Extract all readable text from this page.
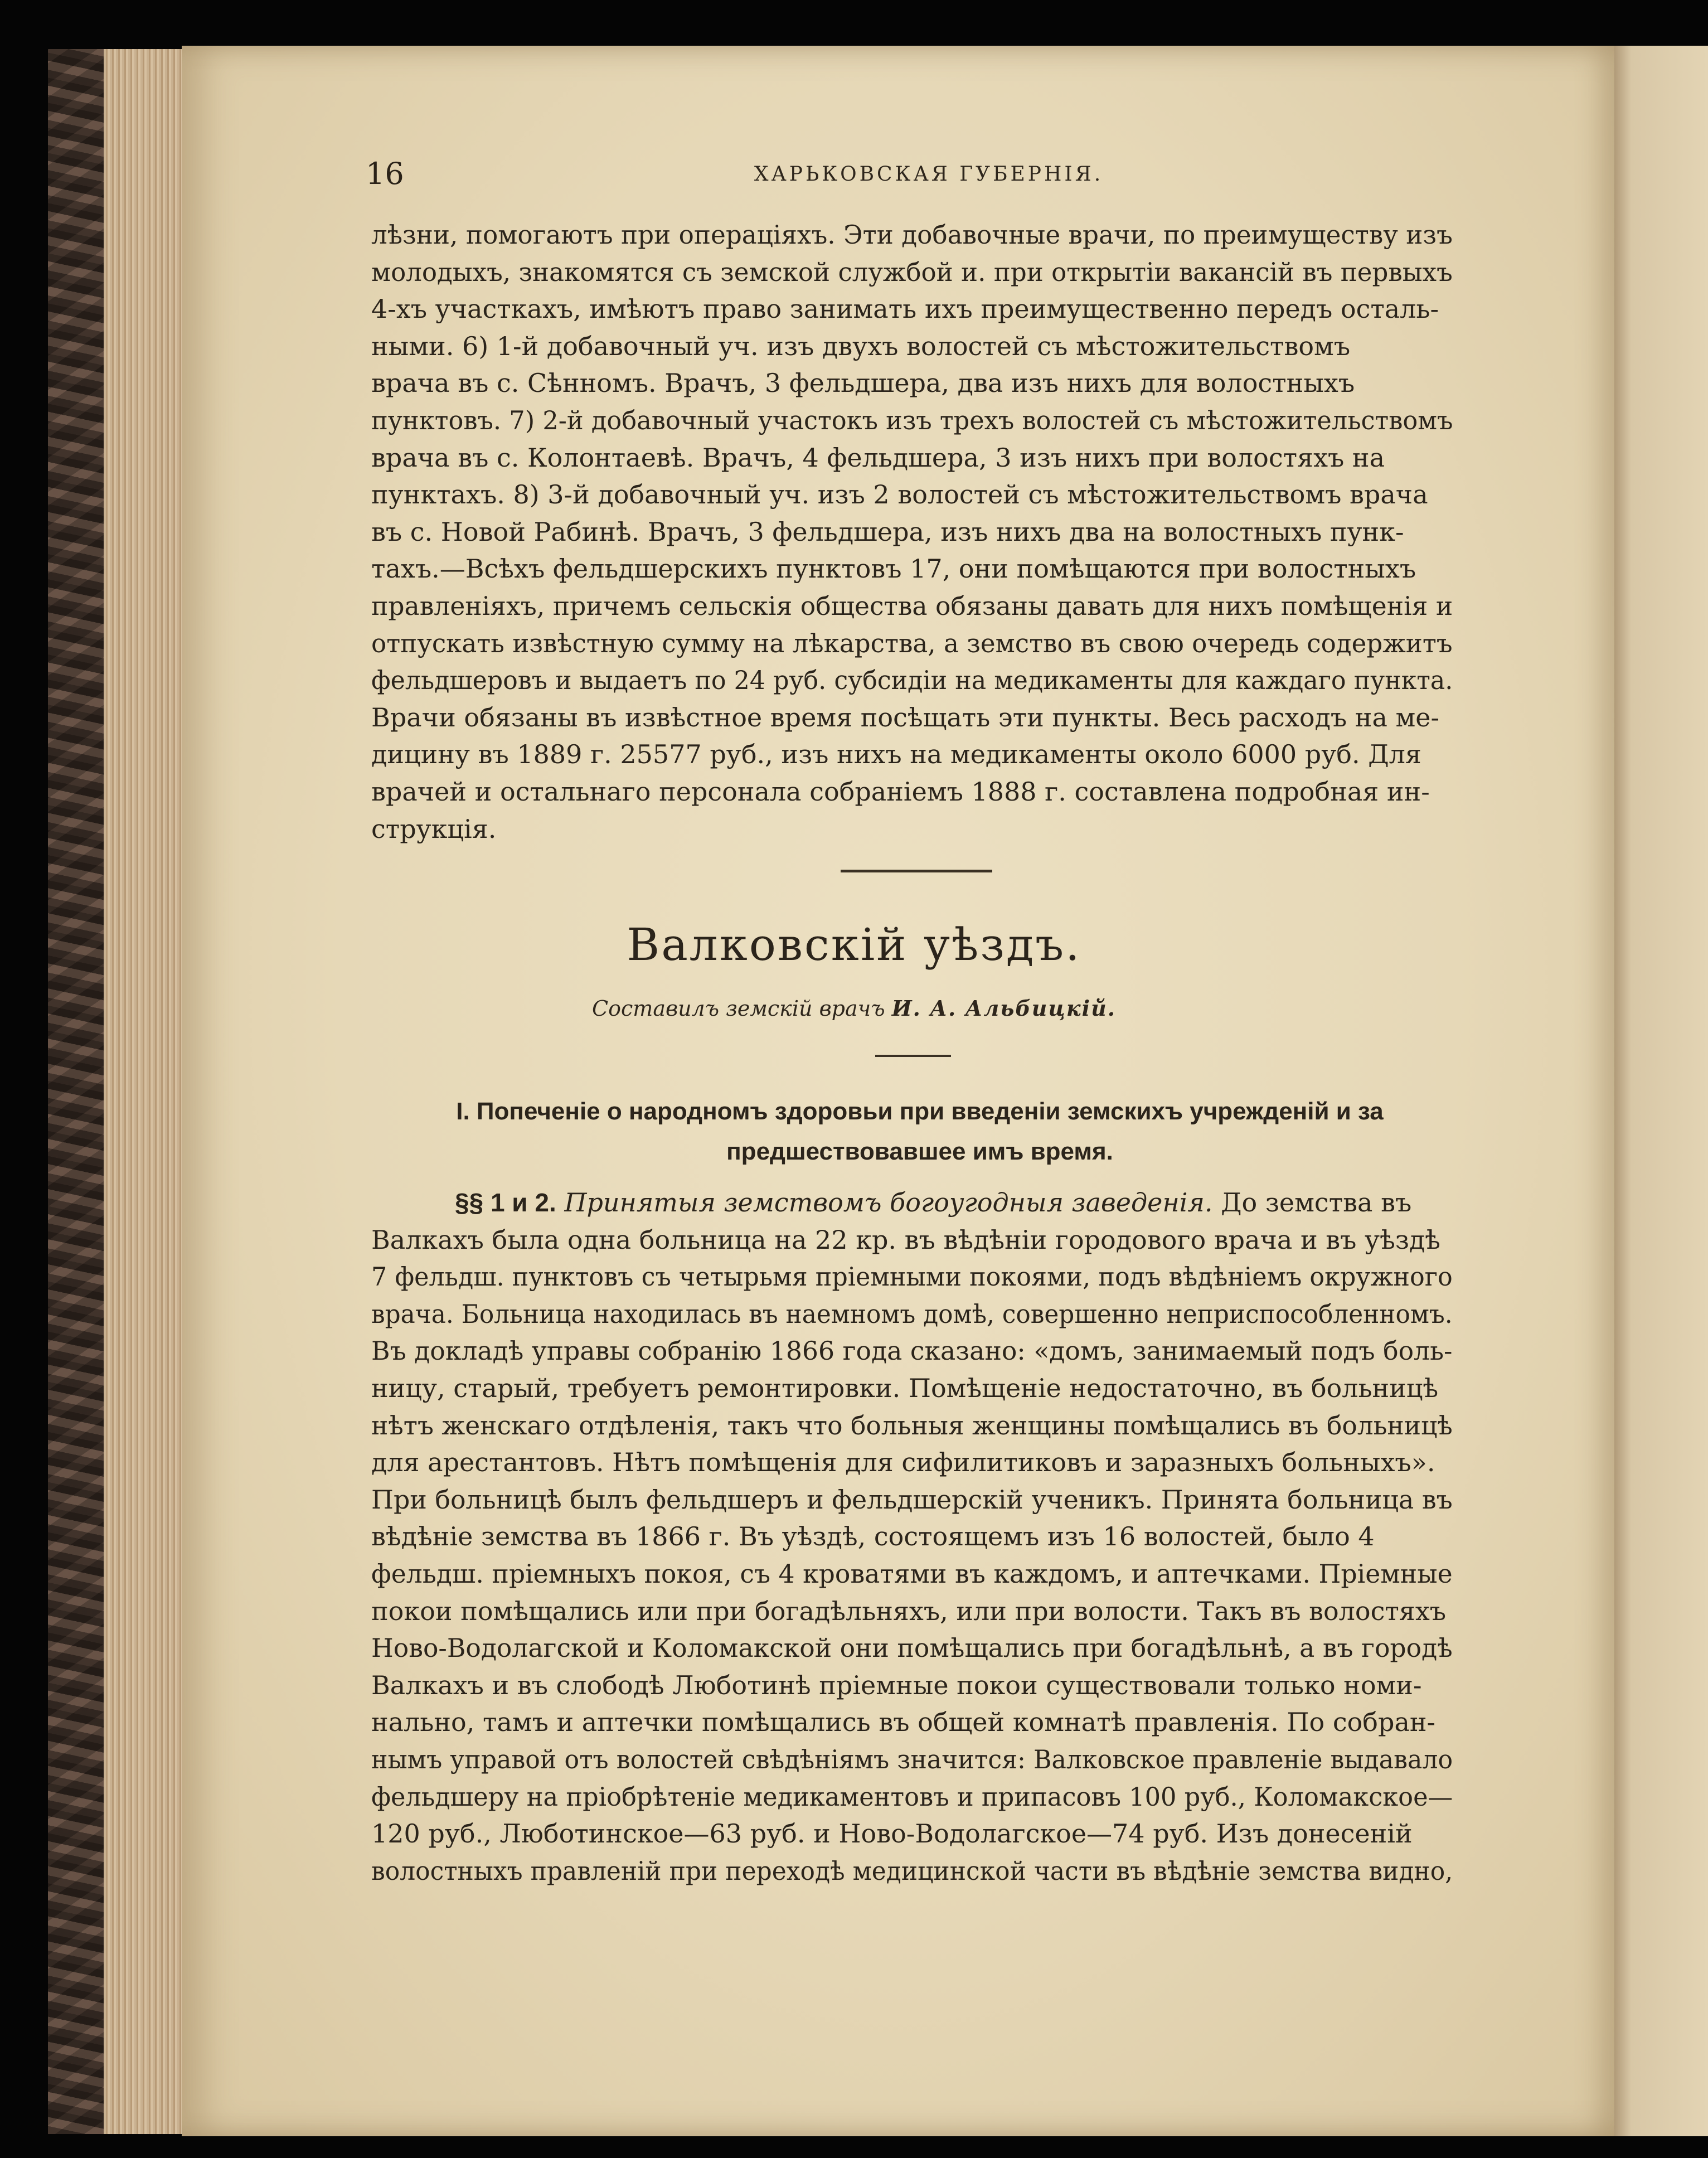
16	ХАРЬКОВСКАЯ ГУБЕРНІЯ.
лѣзни, помогаютъ при операціяхъ. Эти добавочные врачи, по преимуществу изъ
молодыхъ, знакомятся съ земской службой и. при открытіи вакансій въ первыхъ
4-хъ участкахъ, имѣютъ право занимать ихъ преимущественно передъ осталь-
ными. 6) 1-й добавочный уч. изъ двухъ волостей съ мѣстожительствомъ
врача въ с. Сѣнномъ. Врачъ, 3 фельдшера, два изъ нихъ для волостныхъ
пунктовъ. 7) 2-й добавочный участокъ изъ трехъ волостей съ мѣстожительствомъ
врача въ с. Колонтаевѣ. Врачъ, 4 фельдшера, 3 изъ нихъ при волостяхъ на
пунктахъ. 8) 3-й добавочный уч. изъ 2 волостей съ мѣстожительствомъ врача
въ с. Новой Рабинѣ. Врачъ, 3 фельдшера, изъ нихъ два на волостныхъ пунк-
тахъ.—Всѣхъ фельдшерскихъ пунктовъ 17, они помѣщаются при волостныхъ
правленіяхъ, причемъ сельскія общества обязаны давать для нихъ помѣщенія и
отпускать извѣстную сумму на лѣкарства, а земство въ свою очередь содержитъ
фельдшеровъ и выдаетъ по 24 руб. субсидіи на медикаменты для каждаго пункта.
Врачи обязаны въ извѣстное время посѣщать эти пункты. Весь расходъ на ме-
дицину въ 1889 г. 25577 руб., изъ нихъ на медикаменты около 6000 руб. Для
врачей и остальнаго персонала собраніемъ 1888 г. составлена подробная ин-
струкція.
Валковскій уѣздъ.
Составилъ земскій врачъ И. А. Альбицкій.
I. Попеченіе о народномъ здоровьи при введеніи земскихъ учрежденій и за
предшествовавшее имъ время.
§§ 1 и 2. Принятыя земствомъ богоугодныя заведенія. До земства въ
Валкахъ была одна больница на 22 кр. въ вѣдѣніи городового врача и въ уѣздѣ
7 фельдш. пунктовъ съ четырьмя пріемными покоями, подъ вѣдѣніемъ окружного
врача. Больница находилась въ наемномъ домѣ, совершенно неприспособленномъ.
Въ докладѣ управы собранію 1866 года сказано: «домъ, занимаемый подъ боль-
ницу, старый, требуетъ ремонтировки. Помѣщеніе недостаточно, въ больницѣ
нѣтъ женскаго отдѣленія, такъ что больныя женщины помѣщались въ больницѣ
для арестантовъ. Нѣтъ помѣщенія для сифилитиковъ и заразныхъ больныхъ».
При больницѣ былъ фельдшеръ и фельдшерскій ученикъ. Принята больница въ
вѣдѣніе земства въ 1866 г. Въ уѣздѣ, состоящемъ изъ 16 волостей, было 4
фельдш. пріемныхъ покоя, съ 4 кроватями въ каждомъ, и аптечками. Пріемные
покои помѣщались или при богадѣльняхъ, или при волости. Такъ въ волостяхъ
Ново-Водолагской и Коломакской они помѣщались при богадѣльнѣ, а въ городѣ
Валкахъ и въ слободѣ Люботинѣ пріемные покои существовали только номи-
нально, тамъ и аптечки помѣщались въ общей комнатѣ правленія. По собран-
нымъ управой отъ волостей свѣдѣніямъ значится: Валковское правленіе выдавало
фельдшеру на пріобрѣтеніе медикаментовъ и припасовъ 100 руб., Коломакское—
120 руб., Люботинское—63 руб. и Ново-Водолагское—74 руб. Изъ донесеній
волостныхъ правленій при переходѣ медицинской части въ вѣдѣніе земства видно,
